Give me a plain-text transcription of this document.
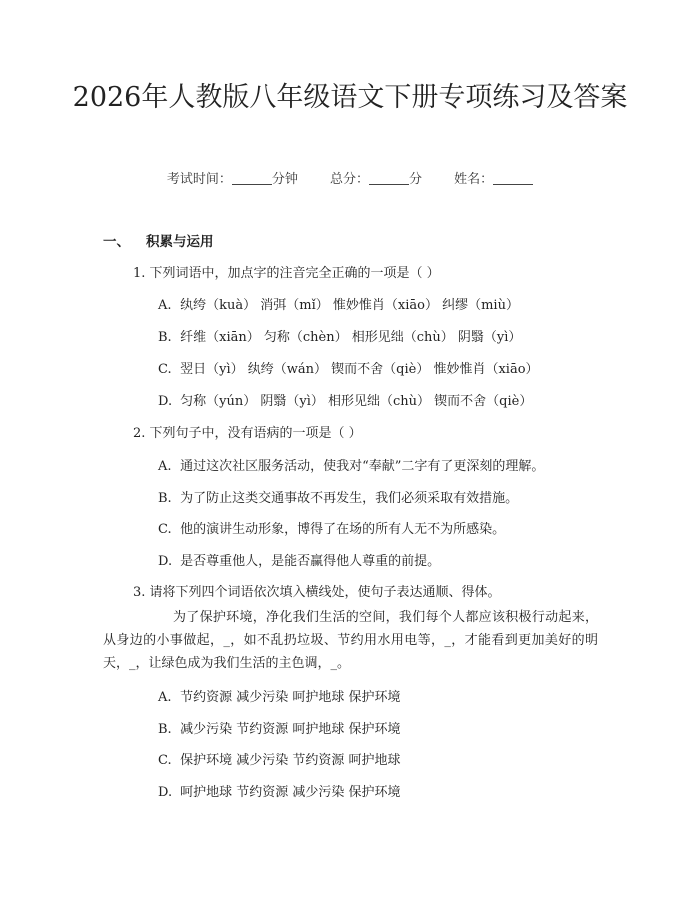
2026年人教版八年级语文下册专项练习及答案
考试时间：	分钟 总分：	分 姓名：
一、 积累与运用
1. 下列词语中，加点字的注音完全正确的一项是（ ）
A. 纨绔（kuà） 消弭（mǐ） 惟妙惟肖（xiāo） 纠缪（miù）
B. 纤维（xiān） 匀称（chèn） 相形见绌（chù） 阴翳（yì）
C. 翌日（yì） 纨绔（wán） 锲而不舍（qiè） 惟妙惟肖（xiāo）
D. 匀称（yún） 阴翳（yì） 相形见绌（chù） 锲而不舍（qiè）
2. 下列句子中，没有语病的一项是（ ）
A. 通过这次社区服务活动，使我对“奉献”二字有了更深刻的理解。
B. 为了防止这类交通事故不再发生，我们必须采取有效措施。
C. 他的演讲生动形象，博得了在场的所有人无不为所感染。
D. 是否尊重他人，是能否赢得他人尊重的前提。
3. 请将下列四个词语依次填入横线处，使句子表达通顺、得体。
为了保护环境，净化我们生活的空间，我们每个人都应该积极行动起来，从身边的小事做起，_，如不乱扔垃圾、节约用水用电等，_，才能看到更加美好的明天，_，让绿色成为我们生活的主色调，_。
A. 节约资源 减少污染 呵护地球 保护环境
B. 减少污染 节约资源 呵护地球 保护环境
C. 保护环境 减少污染 节约资源 呵护地球
D. 呵护地球 节约资源 减少污染 保护环境
